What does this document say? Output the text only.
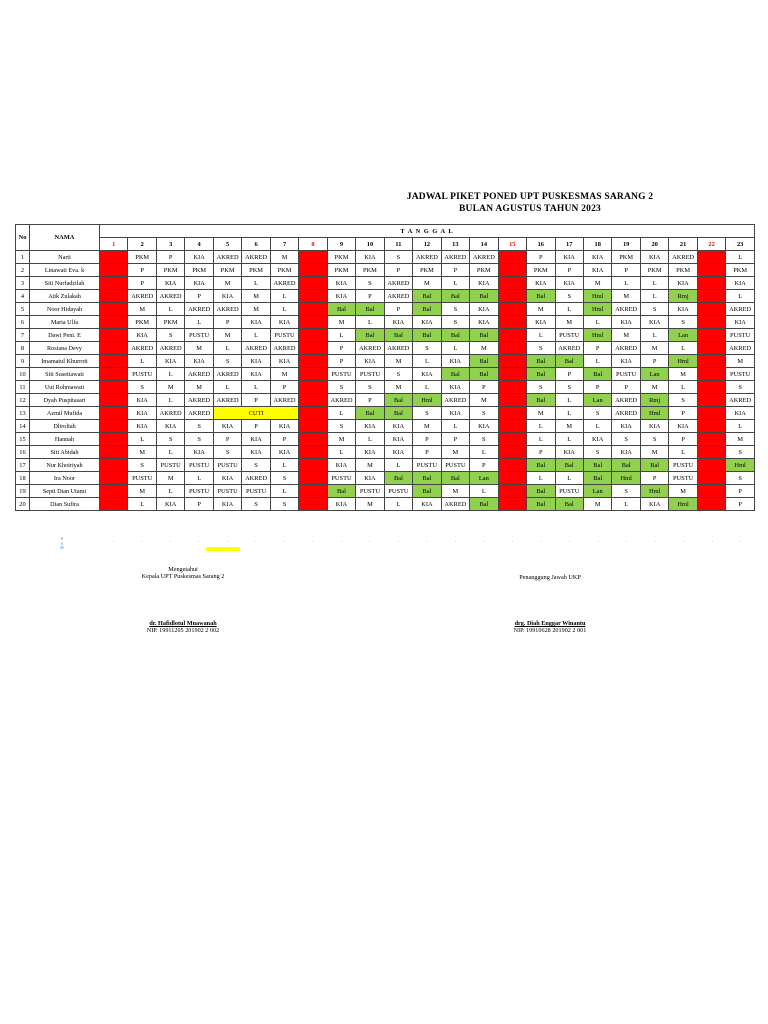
JADWAL PIKET PONED UPT PUSKESMAS SARANG 2
BULAN AGUSTUS TAHUN 2023
No	NAMA	T A N G G A L																						
		1	2	3	4	5	6	7	8	9	10	11	12	13	14	15	16	17	18	19	20	21	22	23
1	Narti	L	PKM	P	KIA	AKRED	AKRED	M	L	PKM	KIA	S	AKRED	AKRED	AKRED	L	P	KIA	KIA	PKM	KIA	AKRED	M	L
2	Linawati Eva. k	L	P	PKM	PKM	PKM	PKM	PKM	L	PKM	PKM	P	PKM	P	PKM	L	PKM	P	KIA	P	PKM	PKM	L	PKM
3	Siti Nurfadzilah	L	P	KIA	KIA	M	L	AKRED	L	KIA	S	AKRED	M	L	KIA	S	KIA	KIA	M	L	L	KIA	P	KIA
4	Atik Zulakah	L	AKRED	AKRED	P	KIA	M	L	L	KIA	P	AKRED	Bal	Bal	Bal	L	Bal	S	Hml	M	L	Rmj	P	L
5	Noor Hidayah	L	M	L	AKRED	AKRED	M	L	L	Bal	Bal	P	Bal	S	KIA	L	M	L	Hml	AKRED	S	KIA	L	AKRED
6	Maria Ulfa	P	PKM	PKM	L	P	KIA	KIA	L	M	L	KIA	KIA	S	KIA	L	KIA	M	L	KIA	KIA	S	L	KIA
7	Dawi Peni. E	L	KIA	S	PUSTU	M	L	PUSTU	S	L	Bal	Bal	Bal	Bal	Bal	P	L	PUSTU	Hml	M	L	Lan	L	PUSTU
8	Rosiana Devy	L	AKRED	AKRED	M	L	AKRED	AKRED	L	P	AKRED	AKRED	S	L	M	L	S	AKRED	P	AKRED	M	L	L	AKRED
9	Imamatul Khurroti	M	L	KIA	KIA	S	KIA	KIA	L	P	KIA	M	L	KIA	Bal	S	Bal	Bal	L	KIA	P	Hml	L	M
10	Siti Susetiawati	S	PUSTU	L	AKRED	AKRED	KIA	M	L	PUSTU	PUSTU	S	KIA	Bal	Bal	L	Bal	P	Bal	PUSTU	Lan	M	L	PUSTU
11	Uut Rohmawati	L	S	M	M	L	L	P	P	S	S	M	L	KIA	P	L	S	S	P	P	M	L	L	S
12	Dyah Puspitasari	S	KIA	L	AKRED	AKRED	P	AKRED	L	AKRED	P	Bal	Hml	AKRED	M	L	Bal	L	Lan	AKRED	Rmj	S	L	AKRED
13	Azmil Mufida	L	KIA	AKRED	AKRED	CUTI			M	L	Bal	Bal	S	KIA	S	L	M	L	S	AKRED	Hml	P	L	KIA
14	Dliroltah	L	KIA	KIA	S	KIA	P	KIA	L	S	KIA	KIA	M	L	KIA	P	L	M	L	KIA	KIA	KIA	M	L
15	Hannah	M	L	S	S	P	KIA	P	L	M	L	KIA	P	P	S	M	L	L	KIA	S	S	P	L	M
16	Siti Abidah	L	M	L	KIA	S	KIA	KIA	M	L	KIA	KIA	P	M	L	L	P	KIA	S	KIA	M	L	L	S
17	Nur Khoiriyah	L	S	PUSTU	PUSTU	PUSTU	S	L	P	KIA	M	L	PUSTU	PUSTU	P	L	Bal	Bal	Bal	Bal	Bal	PUSTU	L	Hml
18	Ira Noor	L	PUSTU	M	L	KIA	AKRED	S	L	PUSTU	KIA	Bal	Bal	Bal	Lan	M	L	L	Bal	Hml	P	PUSTU	L	S
19	Septi Dian Utami	L	M	L	PUSTU	PUSTU	PUSTU	L	S	Bal	PUSTU	PUSTU	Bal	M	L	L	Bal	PUSTU	Lan	S	Hml	M	L	P
20	Dian Sufira	P	L	KIA	P	KIA	S	S	L	KIA	M	L	KIA	AKRED	Bal	L	Bal	Bal	M	L	KIA	Hml	L	P
P
S
M
·
·
·
·
·
·
·
·
·
·
·
·
·
·

·
·
·
·
·
·
·
·
·
·
·
·
·
·
·
·
·
·
·
·
·
·
·
·
·
·
·
·
·
·
·
·
·
·
·
·
·
·
·
·
·
·
·
·
·
·
·
·
·
·
·
·
·
·
Mengetahui
Kepala UPT Puskesmas Sarang 2
dr. Hafidlotul Muawanah
NIP. 19911205 201902 2 002
Penanggung Jawab UKP
drg. Diah Enggar Winantu
NIP. 19910628 201902 2 001
